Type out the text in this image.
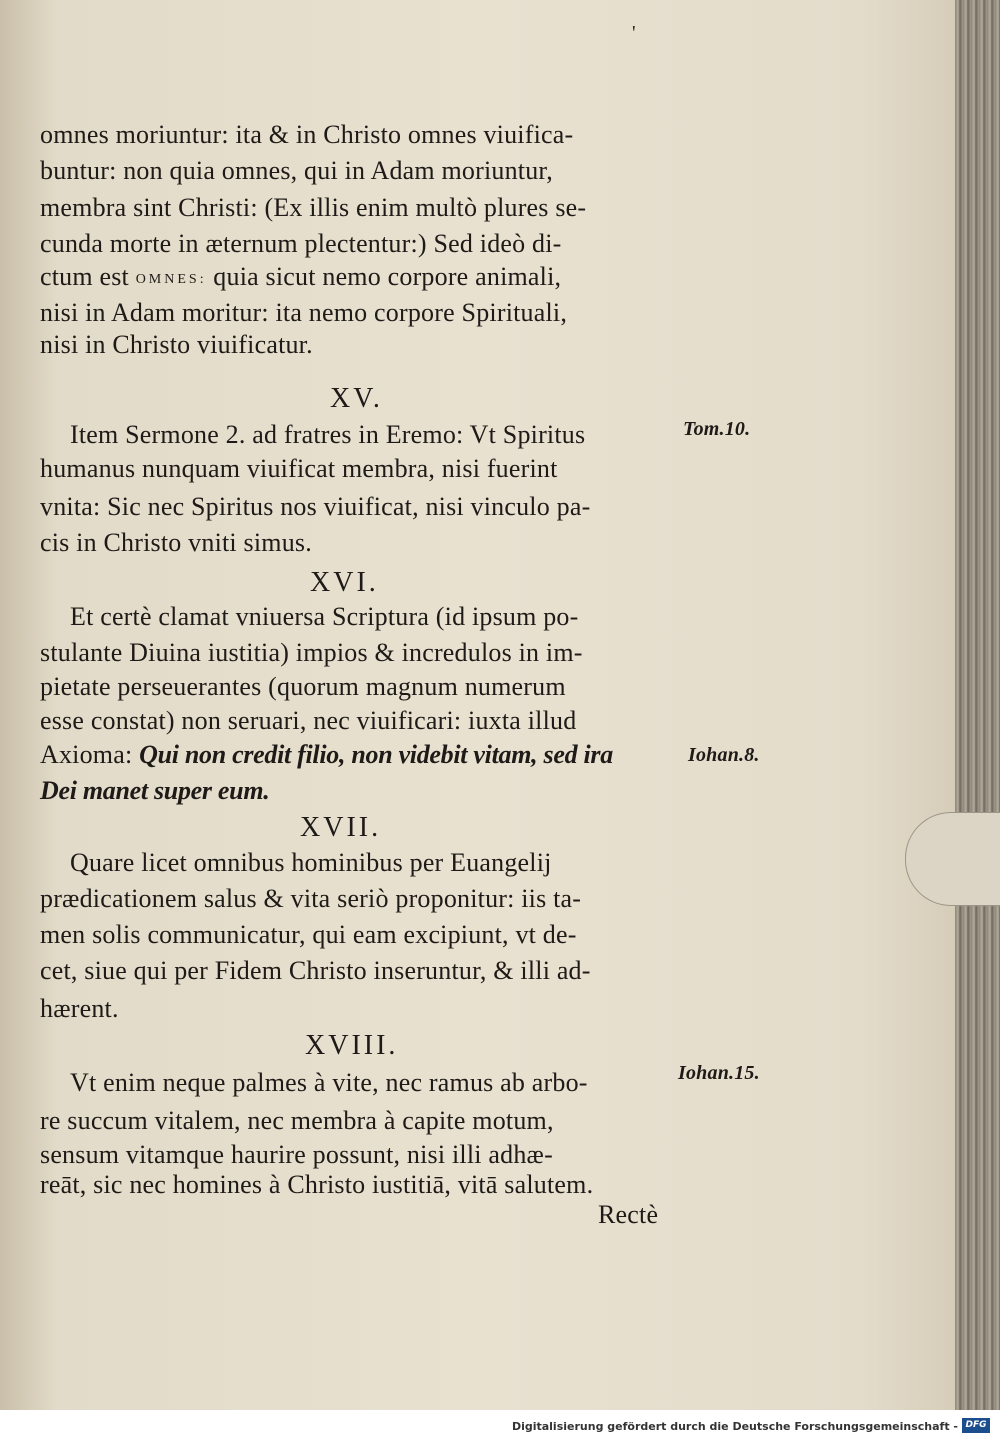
'
omnes moriuntur: ita & in Christo omnes viuifica-
buntur: non quia omnes, qui in Adam moriuntur,
membra sint Christi: (Ex illis enim multò plures se-
cunda morte in æternum plectentur:) Sed ideò di-
ctum est OMNES: quia sicut nemo corpore animali,
nisi in Adam moritur: ita nemo corpore Spirituali,
nisi in Christo viuificatur.
XV.
Item Sermone 2. ad fratres in Eremo: Vt Spiritus	Tom.10.
humanus nunquam viuificat membra, nisi fuerint
vnita: Sic nec Spiritus nos viuificat, nisi vinculo pa-
cis in Christo vniti simus.
XVI.
Et certè clamat vniuersa Scriptura (id ipsum po-
stulante Diuina iustitia) impios & incredulos in im-
pietate perseuerantes (quorum magnum numerum
esse constat) non seruari, nec viuificari: iuxta illud
Axioma: Qui non credit filio, non videbit vitam, sed ira	Iohan.8.
Dei manet super eum.
XVII.
Quare licet omnibus hominibus per Euangelij
prædicationem salus & vita seriò proponitur: iis ta-
men solis communicatur, qui eam excipiunt, vt de-
cet, siue qui per Fidem Christo inseruntur, & illi ad-
hærent.
XVIII.
Vt enim neque palmes à vite, nec ramus ab arbo-	Iohan.15.
re succum vitalem, nec membra à capite motum,
sensum vitamque haurire possunt, nisi illi adhæ-
reāt, sic nec homines à Christo iustitiā, vitā salutem.
Rectè
Digitalisierung gefördert durch die Deutsche Forschungsgemeinschaft - DFG
